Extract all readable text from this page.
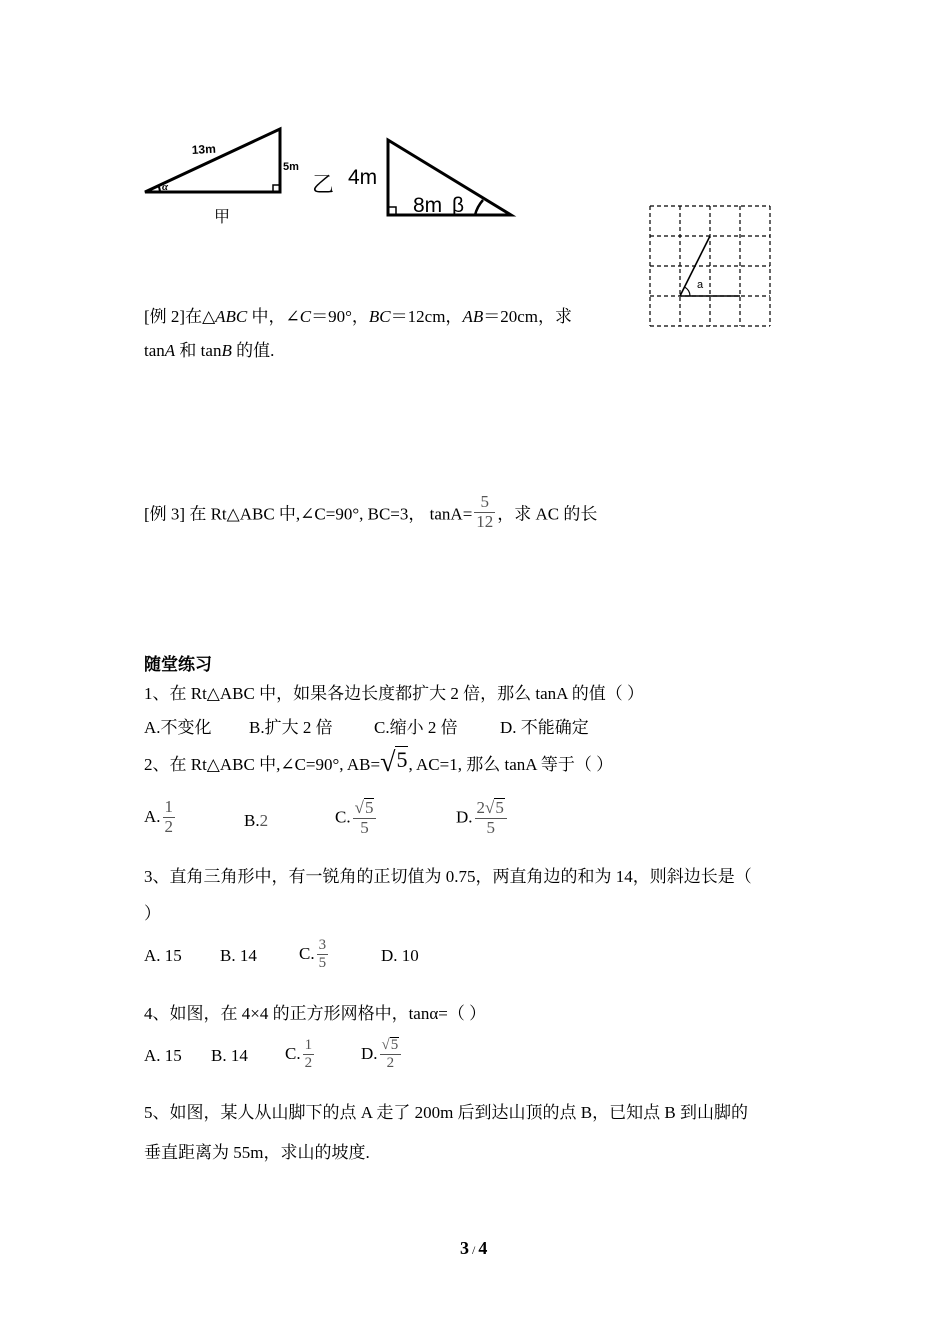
13m
5m
α
甲
乙 4m
8m β
a
[例 2]在△ABC 中，∠C＝90°，BC＝12cm，AB＝20cm，求
tanA 和 tanB 的值.
[例 3] 在 Rt△ABC 中,∠C=90°, BC=3， $\tan A= \frac{5}{12}$ ，求 AC 的长
随堂练习
1、在 Rt△ABC 中，如果各边长度都扩大 2 倍，那么 tanA 的值（ ）
A.不变化 B.扩大 2 倍 C.缩小 2 倍 D. 不能确定
2、在 Rt△ABC 中,∠C=90°, AB=√5, AC=1, 那么 tanA 等于（ ）
A. $\frac{1}{2}$	B.2	C. $\frac{√5}{5}$	D. $\frac{2√5}{5}$
3、直角三角形中，有一锐角的正切值为 0.75，两直角边的和为 14，则斜边长是（
）
A. 15 B. 14 C. $\frac{3}{5}$	D. 10
4、如图，在 4×4 的正方形网格中，tanα=（ ）
A. 15 B. 14 C. $\frac{1}{2}$	D. $\frac{√5}{2}$
5、如图，某人从山脚下的点 A 走了 200m 后到达山顶的点 B，已知点 B 到山脚的
垂直距离为 55m，求山的坡度.
3 / 4
